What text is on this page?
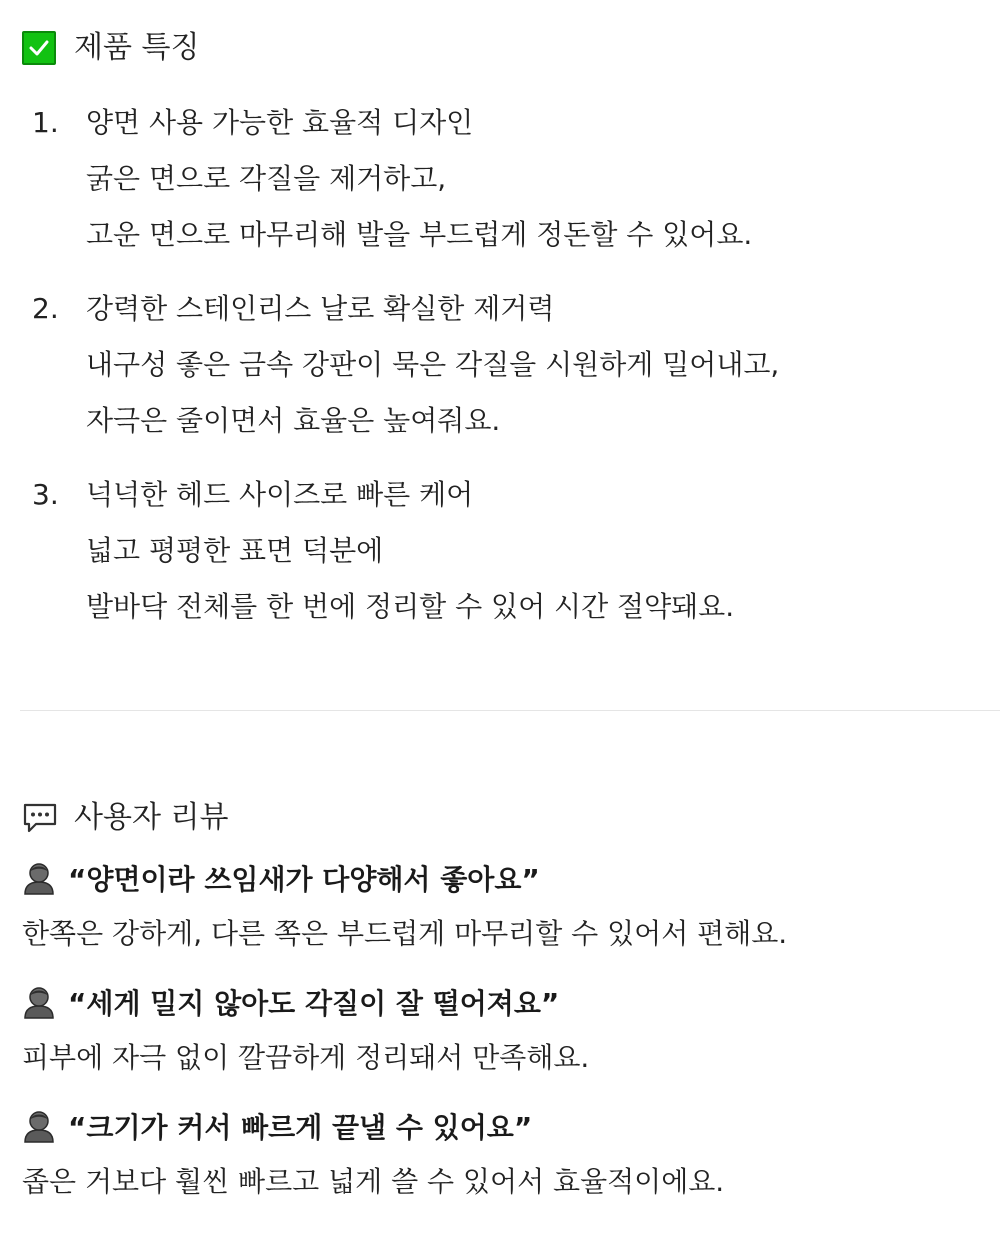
제품 특징
1. 양면 사용 가능한 효율적 디자인
굵은 면으로 각질을 제거하고,
고운 면으로 마무리해 발을 부드럽게 정돈할 수 있어요.
2. 강력한 스테인리스 날로 확실한 제거력
내구성 좋은 금속 강판이 묵은 각질을 시원하게 밀어내고,
자극은 줄이면서 효율은 높여줘요.
3. 넉넉한 헤드 사이즈로 빠른 케어
넓고 평평한 표면 덕분에
발바닥 전체를 한 번에 정리할 수 있어 시간 절약돼요.
사용자 리뷰
“양면이라 쓰임새가 다양해서 좋아요”
한쪽은 강하게, 다른 쪽은 부드럽게 마무리할 수 있어서 편해요.
“세게 밀지 않아도 각질이 잘 떨어져요”
피부에 자극 없이 깔끔하게 정리돼서 만족해요.
“크기가 커서 빠르게 끝낼 수 있어요”
좁은 거보다 훨씬 빠르고 넓게 쓸 수 있어서 효율적이에요.
